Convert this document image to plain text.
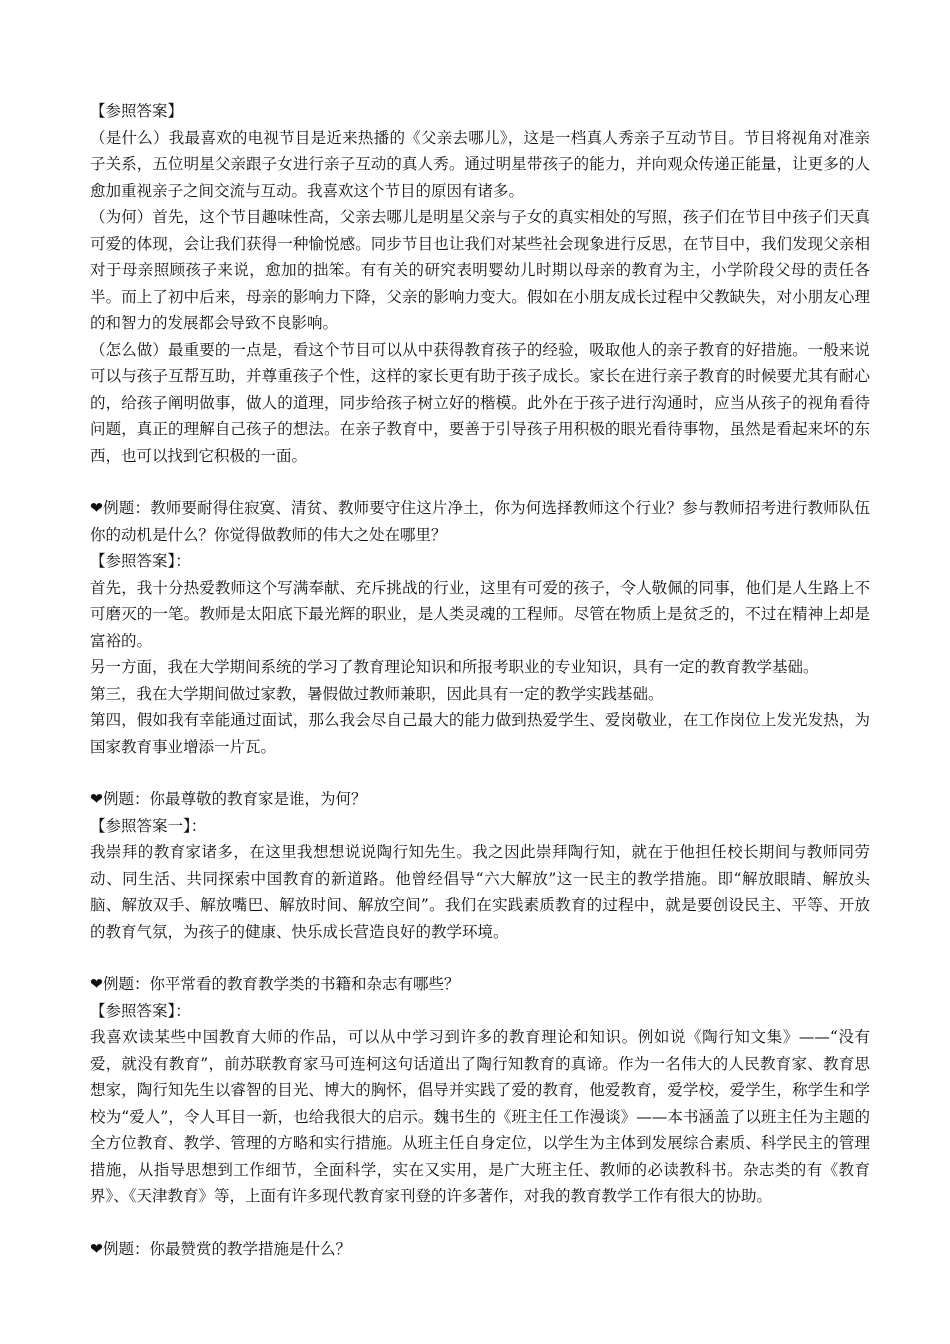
【参照答案】

（是什么）我最喜欢的电视节目是近来热播的《父亲去哪儿》，这是一档真人秀亲子互动节目。节目将视角对准亲子关系，五位明星父亲跟子女进行亲子互动的真人秀。通过明星带孩子的能力，并向观众传递正能量，让更多的人愈加重视亲子之间交流与互动。我喜欢这个节目的原因有诸多。

（为何）首先，这个节目趣味性高，父亲去哪儿是明星父亲与子女的真实相处的写照，孩子们在节目中孩子们天真可爱的体现，会让我们获得一种愉悦感。同步节目也让我们对某些社会现象进行反思，在节目中，我们发现父亲相对于母亲照顾孩子来说，愈加的拙笨。有有关的研究表明婴幼儿时期以母亲的教育为主，小学阶段父母的责任各半。而上了初中后来，母亲的影响力下降，父亲的影响力变大。假如在小朋友成长过程中父教缺失，对小朋友心理的和智力的发展都会导致不良影响。

（怎么做）最重要的一点是，看这个节目可以从中获得教育孩子的经验，吸取他人的亲子教育的好措施。一般来说可以与孩子互帮互助，并尊重孩子个性，这样的家长更有助于孩子成长。家长在进行亲子教育的时候要尤其有耐心的，给孩子阐明做事，做人的道理，同步给孩子树立好的楷模。此外在于孩子进行沟通时，应当从孩子的视角看待问题，真正的理解自己孩子的想法。在亲子教育中，要善于引导孩子用积极的眼光看待事物，虽然是看起来坏的东西，也可以找到它积极的一面。

❤例题：教师要耐得住寂寞、清贫、教师要守住这片净土，你为何选择教师这个行业？参与教师招考进行教师队伍你的动机是什么？你觉得做教师的伟大之处在哪里？

【参照答案】：

首先，我十分热爱教师这个写满奉献、充斥挑战的行业，这里有可爱的孩子，令人敬佩的同事，他们是人生路上不可磨灭的一笔。教师是太阳底下最光辉的职业，是人类灵魂的工程师。尽管在物质上是贫乏的，不过在精神上却是富裕的。

另一方面，我在大学期间系统的学习了教育理论知识和所报考职业的专业知识，具有一定的教育教学基础。

第三，我在大学期间做过家教，暑假做过教师兼职，因此具有一定的教学实践基础。

第四，假如我有幸能通过面试，那么我会尽自己最大的能力做到热爱学生、爱岗敬业，在工作岗位上发光发热，为国家教育事业增添一片瓦。

❤例题：你最尊敬的教育家是谁，为何？

【参照答案一】：

我崇拜的教育家诸多，在这里我想想说说陶行知先生。我之因此崇拜陶行知，就在于他担任校长期间与教师同劳动、同生活、共同探索中国教育的新道路。他曾经倡导“六大解放”这一民主的教学措施。即“解放眼睛、解放头脑、解放双手、解放嘴巴、解放时间、解放空间”。我们在实践素质教育的过程中，就是要创设民主、平等、开放的教育气氛，为孩子的健康、快乐成长营造良好的教学环境。

❤例题：你平常看的教育教学类的书籍和杂志有哪些？

【参照答案】：

我喜欢读某些中国教育大师的作品，可以从中学习到许多的教育理论和知识。例如说《陶行知文集》——“没有爱，就没有教育”，前苏联教育家马可连柯这句话道出了陶行知教育的真谛。作为一名伟大的人民教育家、教育思想家，陶行知先生以睿智的目光、博大的胸怀，倡导并实践了爱的教育，他爱教育，爱学校，爱学生，称学生和学校为“爱人”，令人耳目一新，也给我很大的启示。魏书生的《班主任工作漫谈》——本书涵盖了以班主任为主题的全方位教育、教学、管理的方略和实行措施。从班主任自身定位，以学生为主体到发展综合素质、科学民主的管理措施，从指导思想到工作细节，全面科学，实在又实用，是广大班主任、教师的必读教科书。杂志类的有《教育界》、《天津教育》等，上面有许多现代教育家刊登的许多著作，对我的教育教学工作有很大的协助。

❤例题：你最赞赏的教学措施是什么？
